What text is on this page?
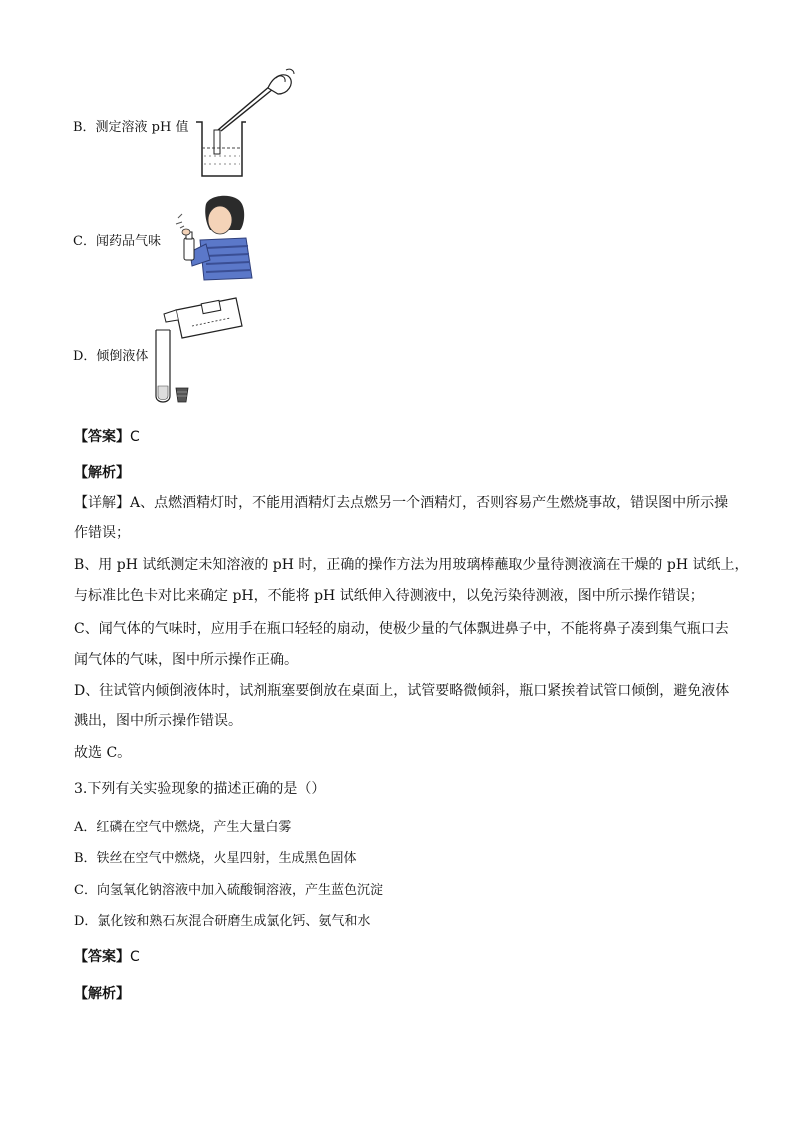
B．测定溶液 pH 值
C．闻药品气味
D．倾倒液体
【答案】C
【解析】
【详解】A、点燃酒精灯时，不能用酒精灯去点燃另一个酒精灯，否则容易产生燃烧事故，错误图中所示操
作错误；
B、用 pH 试纸测定未知溶液的 pH 时，正确的操作方法为用玻璃棒蘸取少量待测液滴在干燥的 pH 试纸上，
与标准比色卡对比来确定 pH，不能将 pH 试纸伸入待测液中，以免污染待测液，图中所示操作错误；
C、闻气体的气味时，应用手在瓶口轻轻的扇动，使极少量的气体飘进鼻子中，不能将鼻子凑到集气瓶口去
闻气体的气味，图中所示操作正确。
D、往试管内倾倒液体时，试剂瓶塞要倒放在桌面上，试管要略微倾斜，瓶口紧挨着试管口倾倒，避免液体
溅出，图中所示操作错误。
故选 C。
3.下列有关实验现象的描述正确的是（）
A．红磷在空气中燃烧，产生大量白雾
B．铁丝在空气中燃烧，火星四射，生成黑色固体
C．向氢氧化钠溶液中加入硫酸铜溶液，产生蓝色沉淀
D．氯化铵和熟石灰混合研磨生成氯化钙、氨气和水
【答案】C
【解析】
